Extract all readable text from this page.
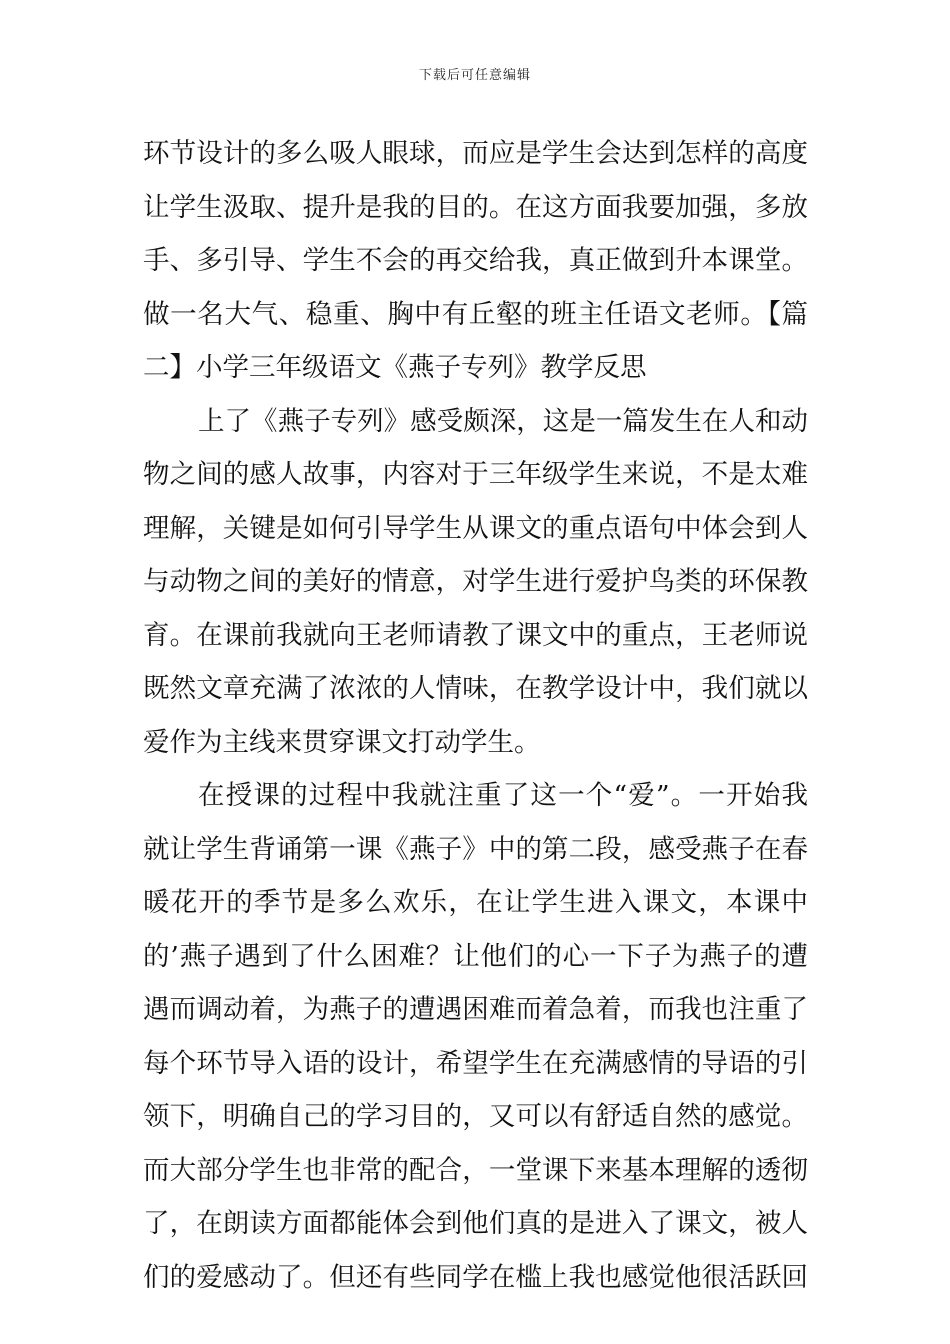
下载后可任意编辑
环节设计的多么吸人眼球，而应是学生会达到怎样的高度
让学生汲取、提升是我的目的。在这方面我要加强，多放
手、多引导、学生不会的再交给我，真正做到升本课堂。
做一名大气、稳重、胸中有丘壑的班主任语文老师。【篇
二】小学三年级语文《燕子专列》教学反思
上了《燕子专列》感受颇深，这是一篇发生在人和动
物之间的感人故事，内容对于三年级学生来说，不是太难
理解，关键是如何引导学生从课文的重点语句中体会到人
与动物之间的美好的情意，对学生进行爱护鸟类的环保教
育。在课前我就向王老师请教了课文中的重点，王老师说
既然文章充满了浓浓的人情味，在教学设计中，我们就以
爱作为主线来贯穿课文打动学生。
在授课的过程中我就注重了这一个“爱”。一开始我
就让学生背诵第一课《燕子》中的第二段，感受燕子在春
暖花开的季节是多么欢乐，在让学生进入课文，本课中
的’燕子遇到了什么困难？让他们的心一下子为燕子的遭
遇而调动着，为燕子的遭遇困难而着急着，而我也注重了
每个环节导入语的设计，希望学生在充满感情的导语的引
领下，明确自己的学习目的，又可以有舒适自然的感觉。
而大部分学生也非常的配合，一堂课下来基本理解的透彻
了，在朗读方面都能体会到他们真的是进入了课文，被人
们的爱感动了。但还有些同学在槛上我也感觉他很活跃回
